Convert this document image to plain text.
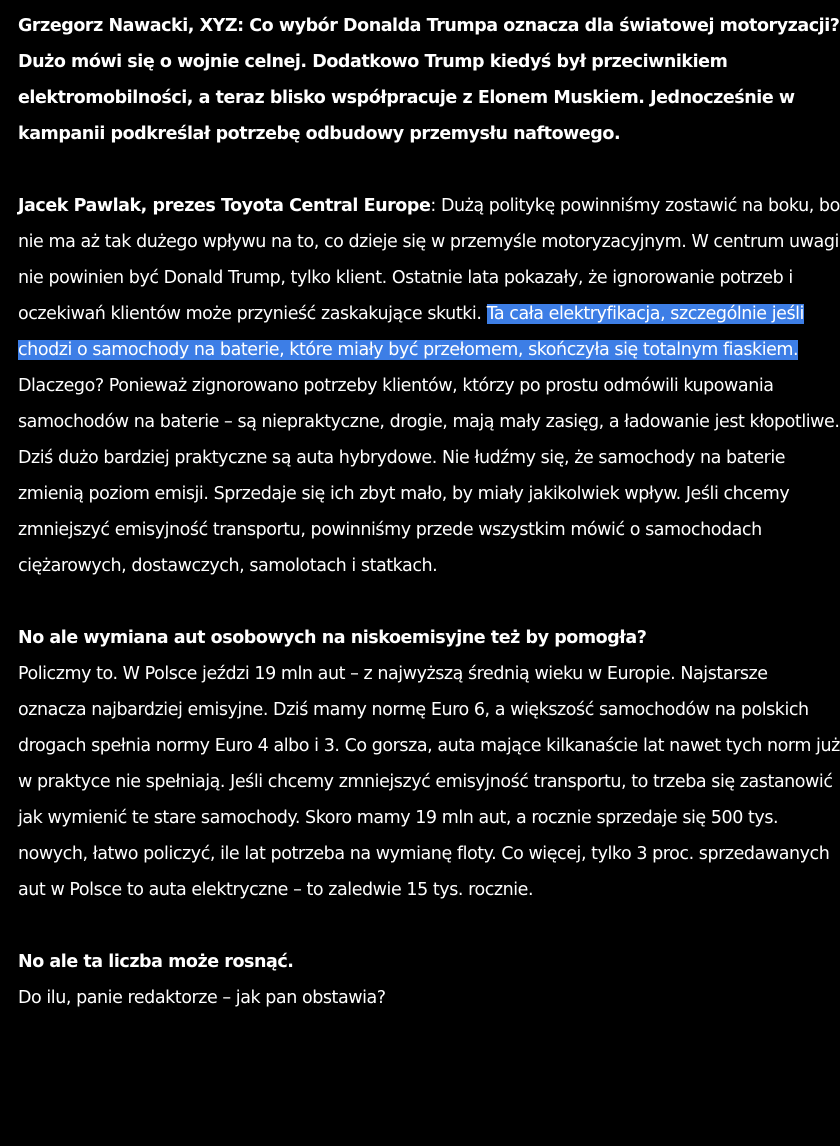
Grzegorz Nawacki, XYZ: Co wybór Donalda Trumpa oznacza dla światowej motoryzacji? Dużo mówi się o wojnie celnej. Dodatkowo Trump kiedyś był przeciwnikiem elektromobilności, a teraz blisko współpracuje z Elonem Muskiem. Jednocześnie w kampanii podkreślał potrzebę odbudowy przemysłu naftowego.

Jacek Pawlak, prezes Toyota Central Europe: Dużą politykę powinniśmy zostawić na boku, bo nie ma aż tak dużego wpływu na to, co dzieje się w przemyśle motoryzacyjnym. W centrum uwagi nie powinien być Donald Trump, tylko klient. Ostatnie lata pokazały, że ignorowanie potrzeb i oczekiwań klientów może przynieść zaskakujące skutki. Ta cała elektryfikacja, szczególnie jeśli chodzi o samochody na baterie, które miały być przełomem, skończyła się totalnym fiaskiem. Dlaczego? Ponieważ zignorowano potrzeby klientów, którzy po prostu odmówili kupowania samochodów na baterie – są niepraktyczne, drogie, mają mały zasięg, a ładowanie jest kłopotliwe. Dziś dużo bardziej praktyczne są auta hybrydowe. Nie łudźmy się, że samochody na baterie zmienią poziom emisji. Sprzedaje się ich zbyt mało, by miały jakikolwiek wpływ. Jeśli chcemy zmniejszyć emisyjność transportu, powinniśmy przede wszystkim mówić o samochodach ciężarowych, dostawczych, samolotach i statkach.

No ale wymiana aut osobowych na niskoemisyjne też by pomogła?

Policzmy to. W Polsce jeździ 19 mln aut – z najwyższą średnią wieku w Europie. Najstarsze oznacza najbardziej emisyjne. Dziś mamy normę Euro 6, a większość samochodów na polskich drogach spełnia normy Euro 4 albo i 3. Co gorsza, auta mające kilkanaście lat nawet tych norm już w praktyce nie spełniają. Jeśli chcemy zmniejszyć emisyjność transportu, to trzeba się zastanowić jak wymienić te stare samochody. Skoro mamy 19 mln aut, a rocznie sprzedaje się 500 tys. nowych, łatwo policzyć, ile lat potrzeba na wymianę floty. Co więcej, tylko 3 proc. sprzedawanych aut w Polsce to auta elektryczne – to zaledwie 15 tys. rocznie.

No ale ta liczba może rosnąć.

Do ilu, panie redaktorze – jak pan obstawia?
